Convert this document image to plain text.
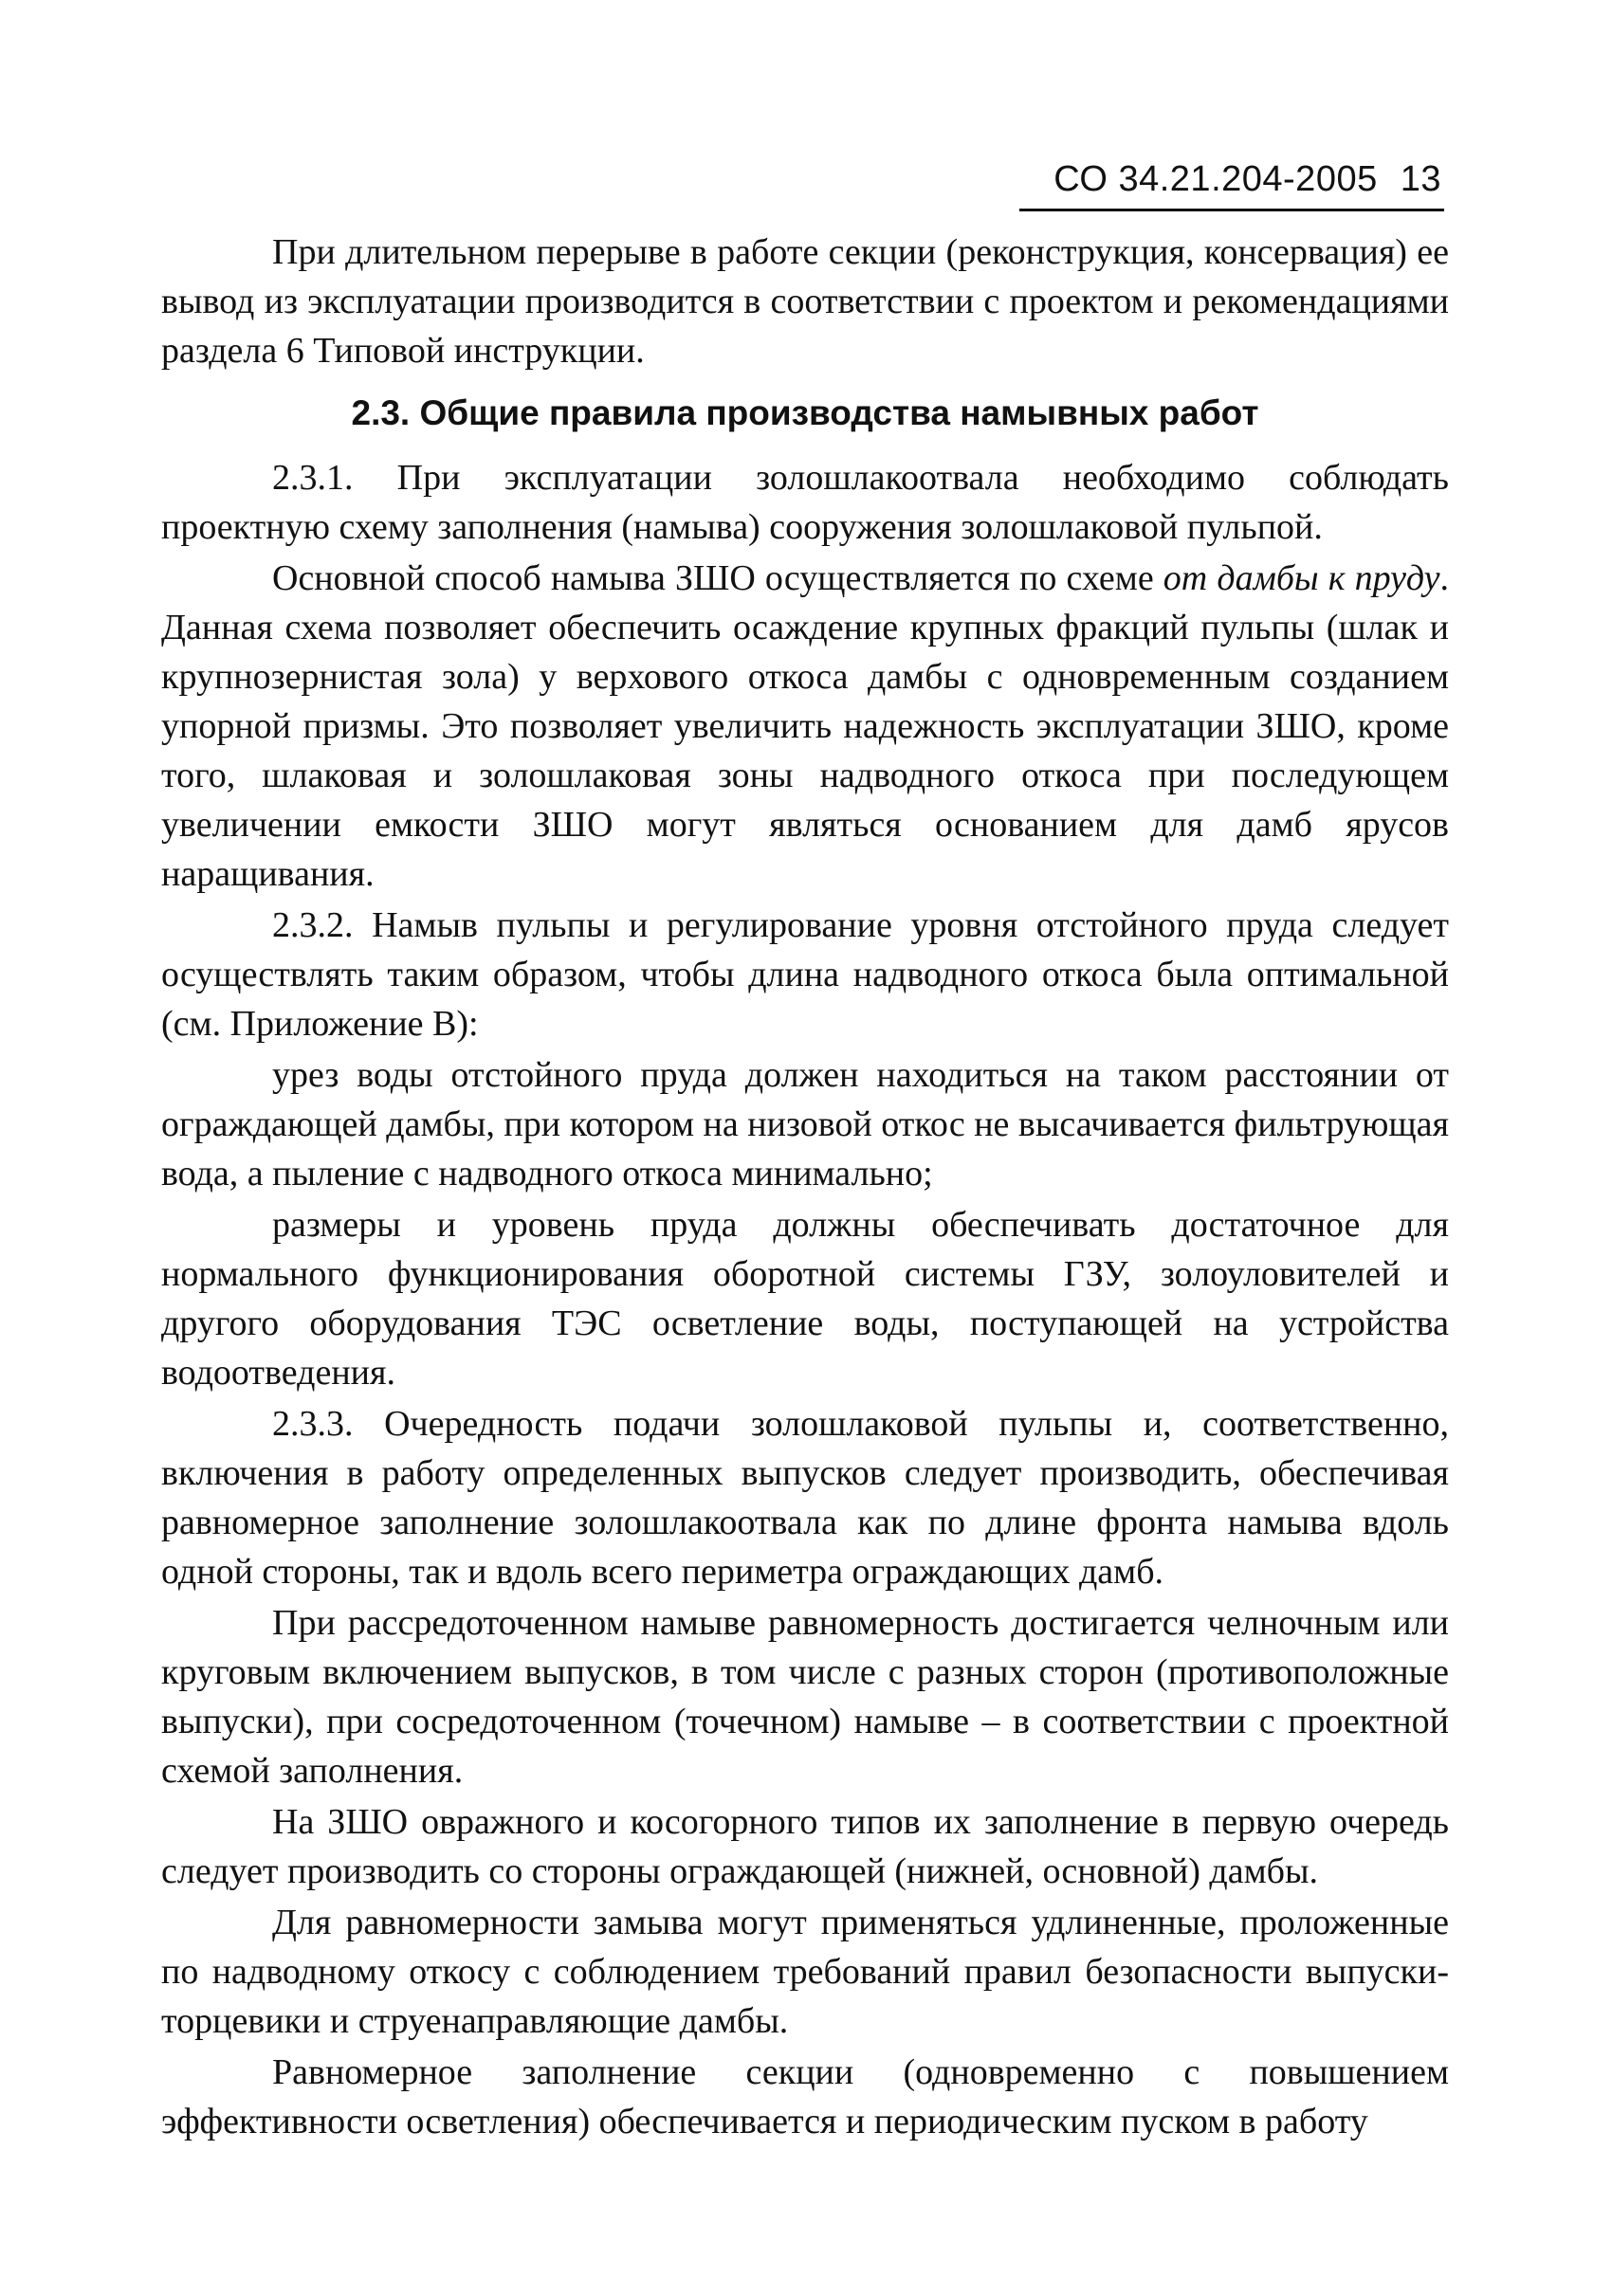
СО 34.21.204-2005 13

При длительном перерыве в работе секции (реконструкция, консервация) ее вывод из эксплуатации производится в соответствии с проектом и рекомендациями раздела 6 Типовой инструкции.

2.3. Общие правила производства намывных работ

2.3.1. При эксплуатации золошлакоотвала необходимо соблюдать проектную схему заполнения (намыва) сооружения золошлаковой пульпой.

Основной способ намыва ЗШО осуществляется по схеме от дамбы к пруду. Данная схема позволяет обеспечить осаждение крупных фракций пульпы (шлак и крупнозернистая зола) у верхового откоса дамбы с одновременным созданием упорной призмы. Это позволяет увеличить надежность эксплуатации ЗШО, кроме того, шлаковая и золошлаковая зоны надводного откоса при последующем увеличении емкости ЗШО могут являться основанием для дамб ярусов наращивания.

2.3.2. Намыв пульпы и регулирование уровня отстойного пруда следует осуществлять таким образом, чтобы длина надводного откоса была оптимальной (см. Приложение В):

урез воды отстойного пруда должен находиться на таком расстоянии от ограждающей дамбы, при котором на низовой откос не высачивается фильтрующая вода, а пыление с надводного откоса минимально;

размеры и уровень пруда должны обеспечивать достаточное для нормального функционирования оборотной системы ГЗУ, золоуловителей и другого оборудования ТЭС осветление воды, поступающей на устройства водоотведения.

2.3.3. Очередность подачи золошлаковой пульпы и, соответственно, включения в работу определенных выпусков следует производить, обеспечивая равномерное заполнение золошлакоотвала как по длине фронта намыва вдоль одной стороны, так и вдоль всего периметра ограждающих дамб.

При рассредоточенном намыве равномерность достигается челночным или круговым включением выпусков, в том числе с разных сторон (противоположные выпуски), при сосредоточенном (точечном) намыве – в соответствии с проектной схемой заполнения.

На ЗШО овражного и косогорного типов их заполнение в первую очередь следует производить со стороны ограждающей (нижней, основной) дамбы.

Для равномерности замыва могут применяться удлиненные, проложенные по надводному откосу с соблюдением требований правил безопасности выпуски-торцевики и струенаправляющие дамбы.

Равномерное заполнение секции (одновременно с повышением эффективности осветления) обеспечивается и периодическим пуском в работу
